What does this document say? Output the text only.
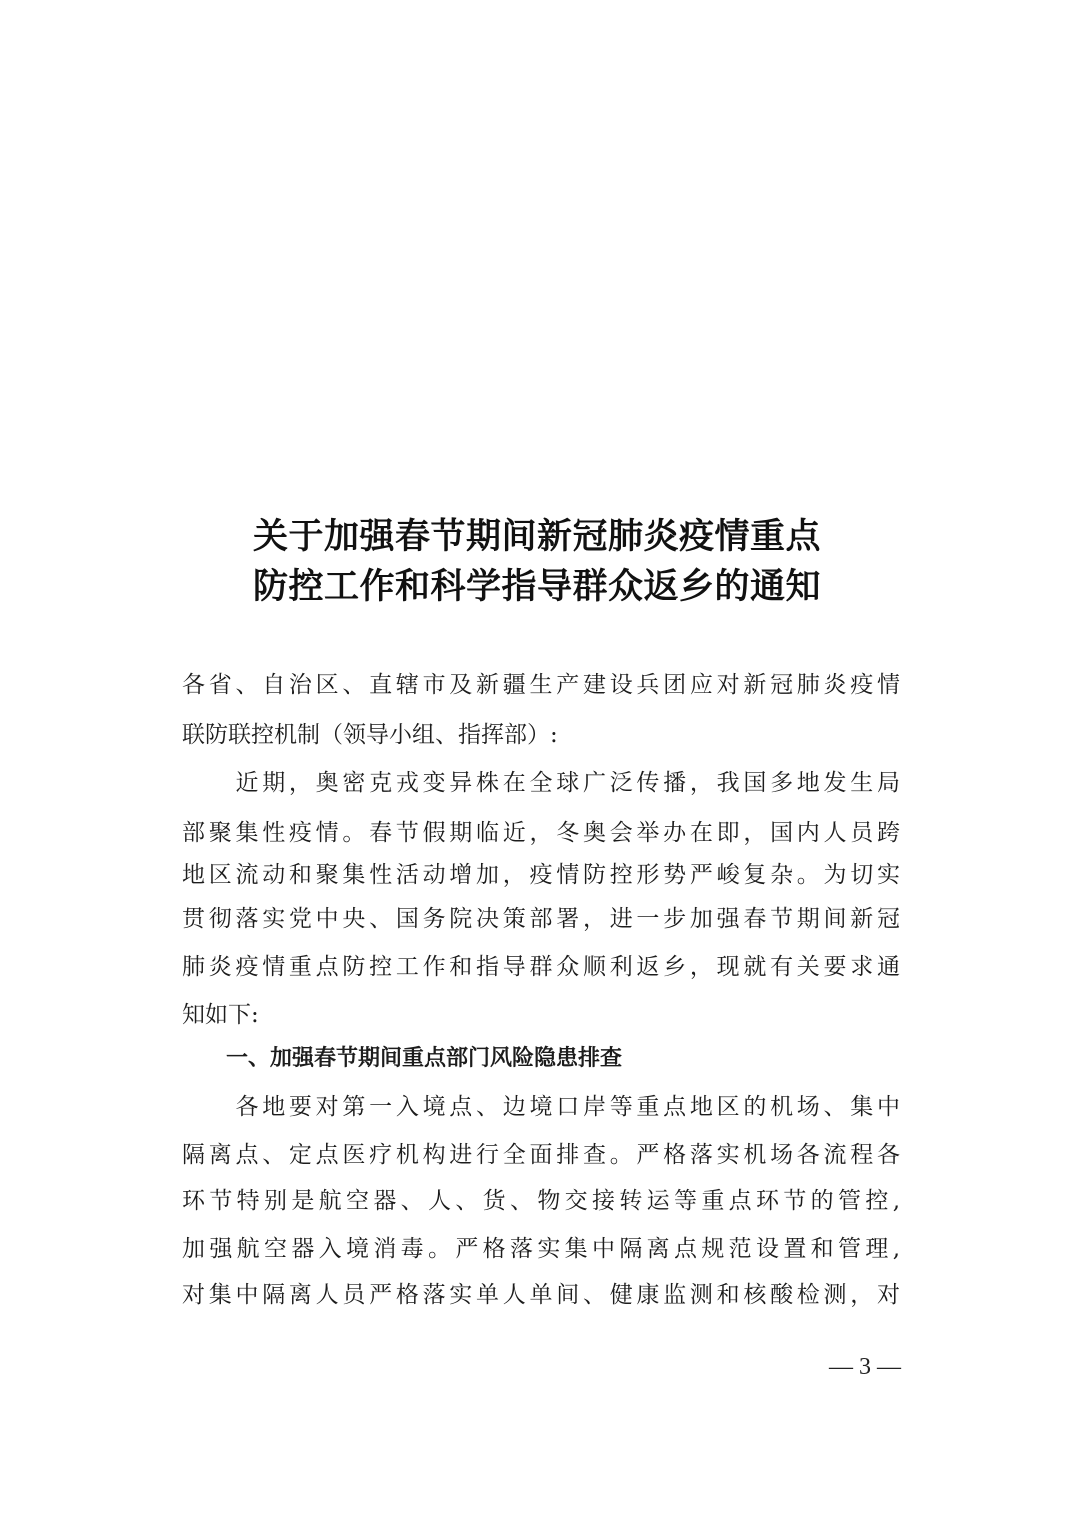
关于加强春节期间新冠肺炎疫情重点
防控工作和科学指导群众返乡的通知
各省、自治区、直辖市及新疆生产建设兵团应对新冠肺炎疫情
联防联控机制（领导小组、指挥部）:
　　近期，奥密克戎变异株在全球广泛传播，我国多地发生局
部聚集性疫情。春节假期临近，冬奥会举办在即，国内人员跨
地区流动和聚集性活动增加，疫情防控形势严峻复杂。为切实
贯彻落实党中央、国务院决策部署，进一步加强春节期间新冠
肺炎疫情重点防控工作和指导群众顺利返乡，现就有关要求通
知如下:
　　一、加强春节期间重点部门风险隐患排查
　　各地要对第一入境点、边境口岸等重点地区的机场、集中
隔离点、定点医疗机构进行全面排查。严格落实机场各流程各
环节特别是航空器、人、货、物交接转运等重点环节的管控,
加强航空器入境消毒。严格落实集中隔离点规范设置和管理,
对集中隔离人员严格落实单人单间、健康监测和核酸检测，对
— 3 —
